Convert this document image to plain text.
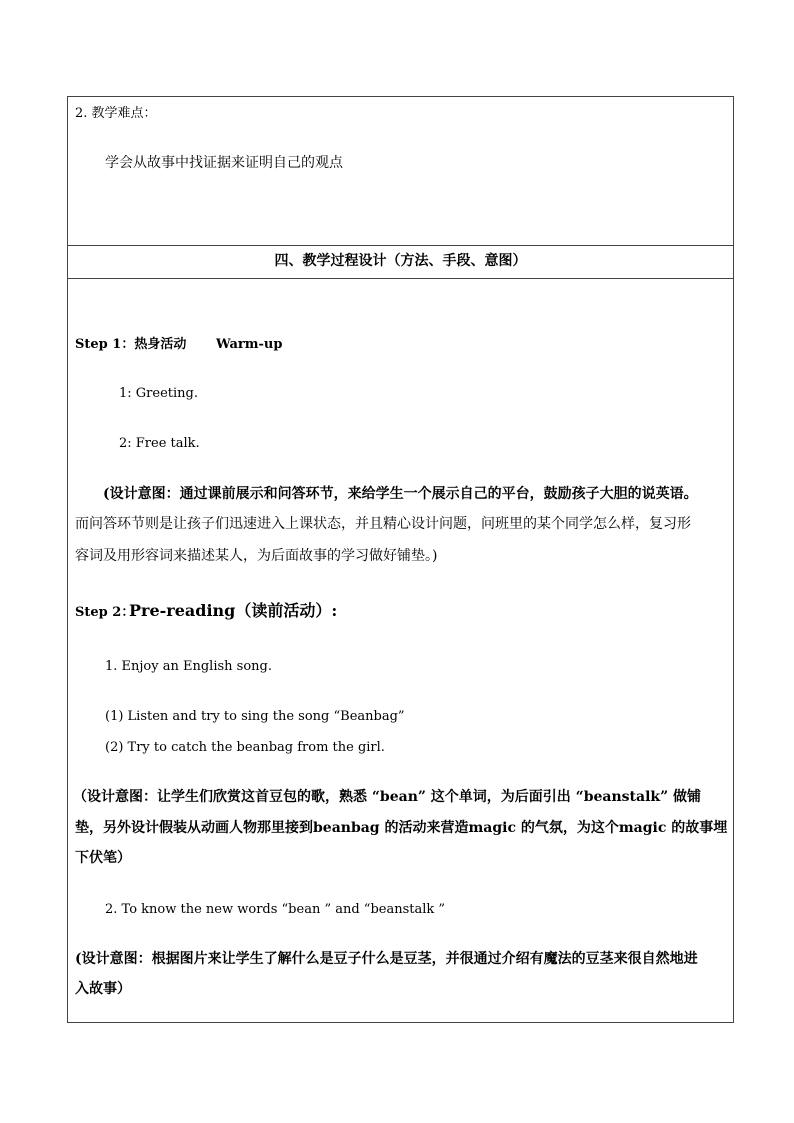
2. 教学难点：
学会从故事中找证据来证明自己的观点
四、教学过程设计（方法、手段、意图）
Step 1：热身活动 Warm-up
1: Greeting.
2: Free talk.
(设计意图：通过课前展示和问答环节，来给学生一个展示自己的平台，鼓励孩子大胆的说英语。
而问答环节则是让孩子们迅速进入上课状态，并且精心设计问题，问班里的某个同学怎么样，复习形
容词及用形容词来描述某人，为后面故事的学习做好铺垫。)
Step 2：
Pre-reading（读前活动）:
1. Enjoy an English song.
(1) Listen and try to sing the song “Beanbag”
(2) Try to catch the beanbag from the girl.
（设计意图：让学生们欣赏这首豆包的歌，熟悉 “bean” 这个单词，为后面引出 “beanstalk” 做铺
垫，另外设计假装从动画人物那里接到beanbag 的活动来营造magic 的气氛，为这个magic 的故事埋
下伏笔）
2. To know the new words “bean ” and “beanstalk ”
(设计意图：根据图片来让学生了解什么是豆子什么是豆茎，并很通过介绍有魔法的豆茎来很自然地进
入故事）
